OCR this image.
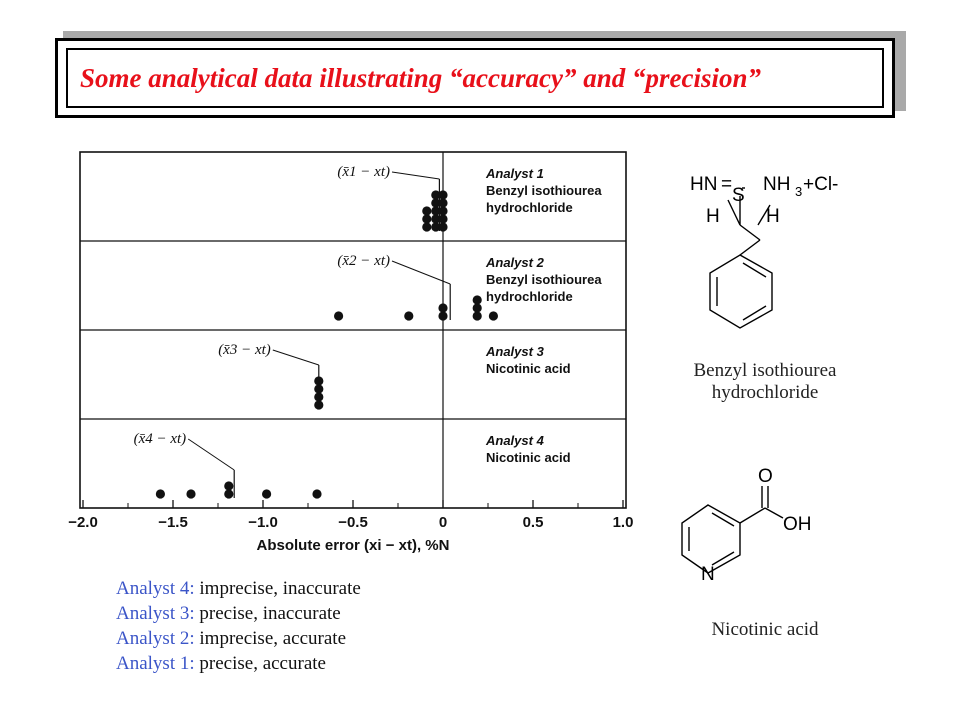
Some analytical data illustrating “accuracy” and “precision”
−2.0	−1.5	−1.0	−0.5	0	0.5	1.0
Absolute error (xi − xt), %N
Analyst 1
Benzyl isothiourea
hydrochloride
(x̄1 − xt)
Analyst 2
Benzyl isothiourea
hydrochloride
(x̄2 − xt)
Analyst 3
Nicotinic acid
(x̄3 − xt)
Analyst 4
Nicotinic acid
(x̄4 − xt)
HN =
S
NH 3 +Cl-
H H
Benzyl isothiourea
hydrochloride
O
OH
N
Nicotinic acid
Analyst 4: imprecise, inaccurate
Analyst 3: precise, inaccurate
Analyst 2: imprecise, accurate
Analyst 1: precise, accurate
